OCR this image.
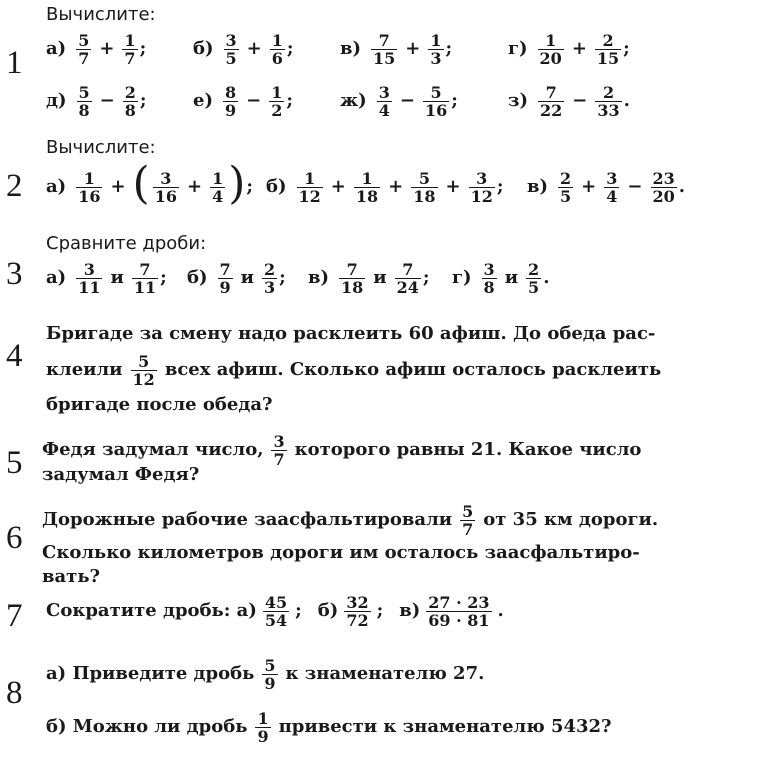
1
2
3
4
5
6
7
8
Вычислите:
$а) \frac{5}{7} + \frac{1}{7}$ ;	$б) \frac{3}{5} + \frac{1}{6}$ ;	$в) \frac{7}{15} + \frac{1}{3}$ ;	$г) \frac{1}{20} + \frac{2}{15}$ ;
$д) \frac{5}{8} - \frac{2}{8}$ ;	$е) \frac{8}{9} - \frac{1}{2}$ ;	$ж) \frac{3}{4} - \frac{5}{16}$ ;	$з) \frac{7}{22} - \frac{2}{33}$ .
Вычислите:
$а) \frac{1}{16}$ + ( $\frac{3}{16} + \frac{1}{4}$ ) ; $б) \frac{1}{12} + \frac{1}{18} + \frac{5}{18} + \frac{3}{12}$ ; $в) \frac{2}{5} + \frac{3}{4} - \frac{23}{20}$ .
Сравните дроби:
$а) \frac{3}{11}$ и $\frac{7}{11}$ ; $б) \frac{7}{9}$ и $\frac{2}{3}$ ; $в) \frac{7}{18}$ и $\frac{7}{24}$ ; $г) \frac{3}{8}$ и $\frac{2}{5}$ .
Бригаде за смену надо расклеить 60 афиш. До обеда рас-
клеили $\frac{5}{12}$ всех афиш. Сколько афиш осталось расклеить
бригаде после обеда?
Федя задумал число, $\frac{3}{7}$ которого равны 21. Какое число
задумал Федя?
Дорожные рабочие заасфальтировали $\frac{5}{7}$ от 35 км дороги.
Сколько километров дороги им осталось заасфальтиро-
вать?
Сократите дробь: $а) \frac{45}{54}$ ; $б) \frac{32}{72}$ ; $в) \frac{27 \cdot 23}{69 \cdot 81}$ .
а) Приведите дробь $\frac{5}{9}$ к знаменателю 27.
б) Можно ли дробь $\frac{1}{9}$ привести к знаменателю 5432?
